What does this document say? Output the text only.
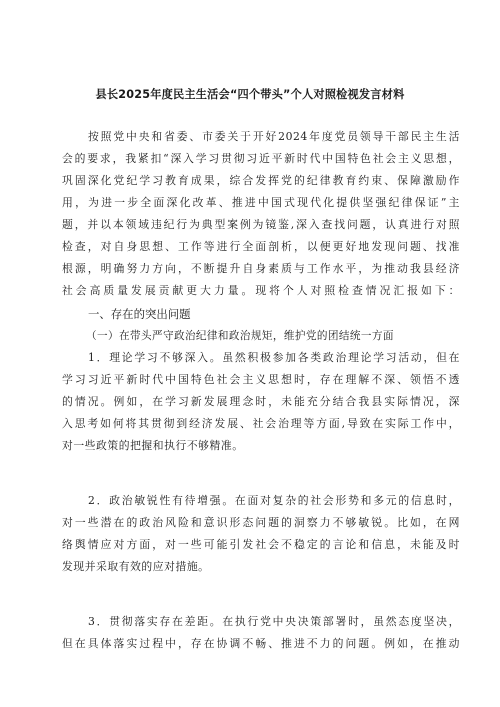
县长2025年度民主生活会“四个带头”个人对照检视发言材料
按照党中央和省委、市委关于开好2024年度党员领导干部民主生活
会的要求，我紧扣“深入学习贯彻习近平新时代中国特色社会主义思想，
巩固深化党纪学习教育成果，综合发挥党的纪律教育约束、保障激励作
用，为进一步全面深化改革、推进中国式现代化提供坚强纪律保证”主
题，并以本领域违纪行为典型案例为镜鉴,深入查找问题，认真进行对照
检查，对自身思想、工作等进行全面剖析，以便更好地发现问题、找准
根源，明确努力方向，不断提升自身素质与工作水平，为推动我县经济
社会高质量发展贡献更大力量。现将个人对照检查情况汇报如下：
一、存在的突出问题
（一）在带头严守政治纪律和政治规矩，维护党的团结统一方面
1．理论学习不够深入。虽然积极参加各类政治理论学习活动，但在
学习习近平新时代中国特色社会主义思想时，存在理解不深、领悟不透
的情况。例如，在学习新发展理念时，未能充分结合我县实际情况，深
入思考如何将其贯彻到经济发展、社会治理等方面,导致在实际工作中，
对一些政策的把握和执行不够精准。
2．政治敏锐性有待增强。在面对复杂的社会形势和多元的信息时，
对一些潜在的政治风险和意识形态问题的洞察力不够敏锐。比如，在网
络舆情应对方面，对一些可能引发社会不稳定的言论和信息，未能及时
发现并采取有效的应对措施。
3．贯彻落实存在差距。在执行党中央决策部署时，虽然态度坚决，
但在具体落实过程中，存在协调不畅、推进不力的问题。例如，在推动
